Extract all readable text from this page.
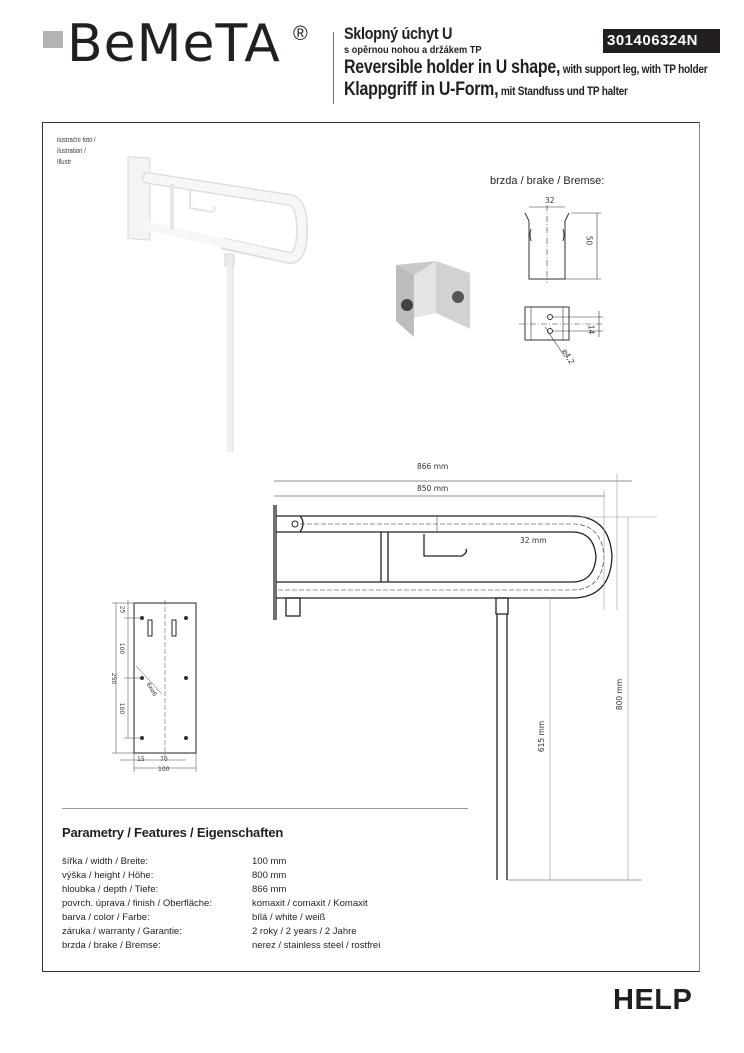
BeMeTA ® Sklopný úchyt U
s opěrnou nohou a držákem TP
Reversible holder in U shape, with support leg, with TP holder
Klappgriff in U-Form, mit Standfuss und TP halter
301406324N
ilustrační foto /
ilustration /
Illustr
brzda / brake / Bremse:
32
50
14
⌀4,2
866 mm
850 mm
32 mm
615 mm
800 mm
25
100
250
100
6x⌀6
15	70
100
Parametry / Features / Eigenschaften
šířka / width / Breite:	100 mm
výška / height / Höhe:	800 mm
hloubka / depth / Tiefe:	866 mm
povrch. úprava / finish / Oberfläche:	komaxit / comaxit / Komaxit
barva / color / Farbe:	bílá / white / weiß
záruka / warranty / Garantie:	2 roky / 2 years / 2 Jahre
brzda / brake / Bremse:	nerez / stainless steel / rostfrei
HELP
